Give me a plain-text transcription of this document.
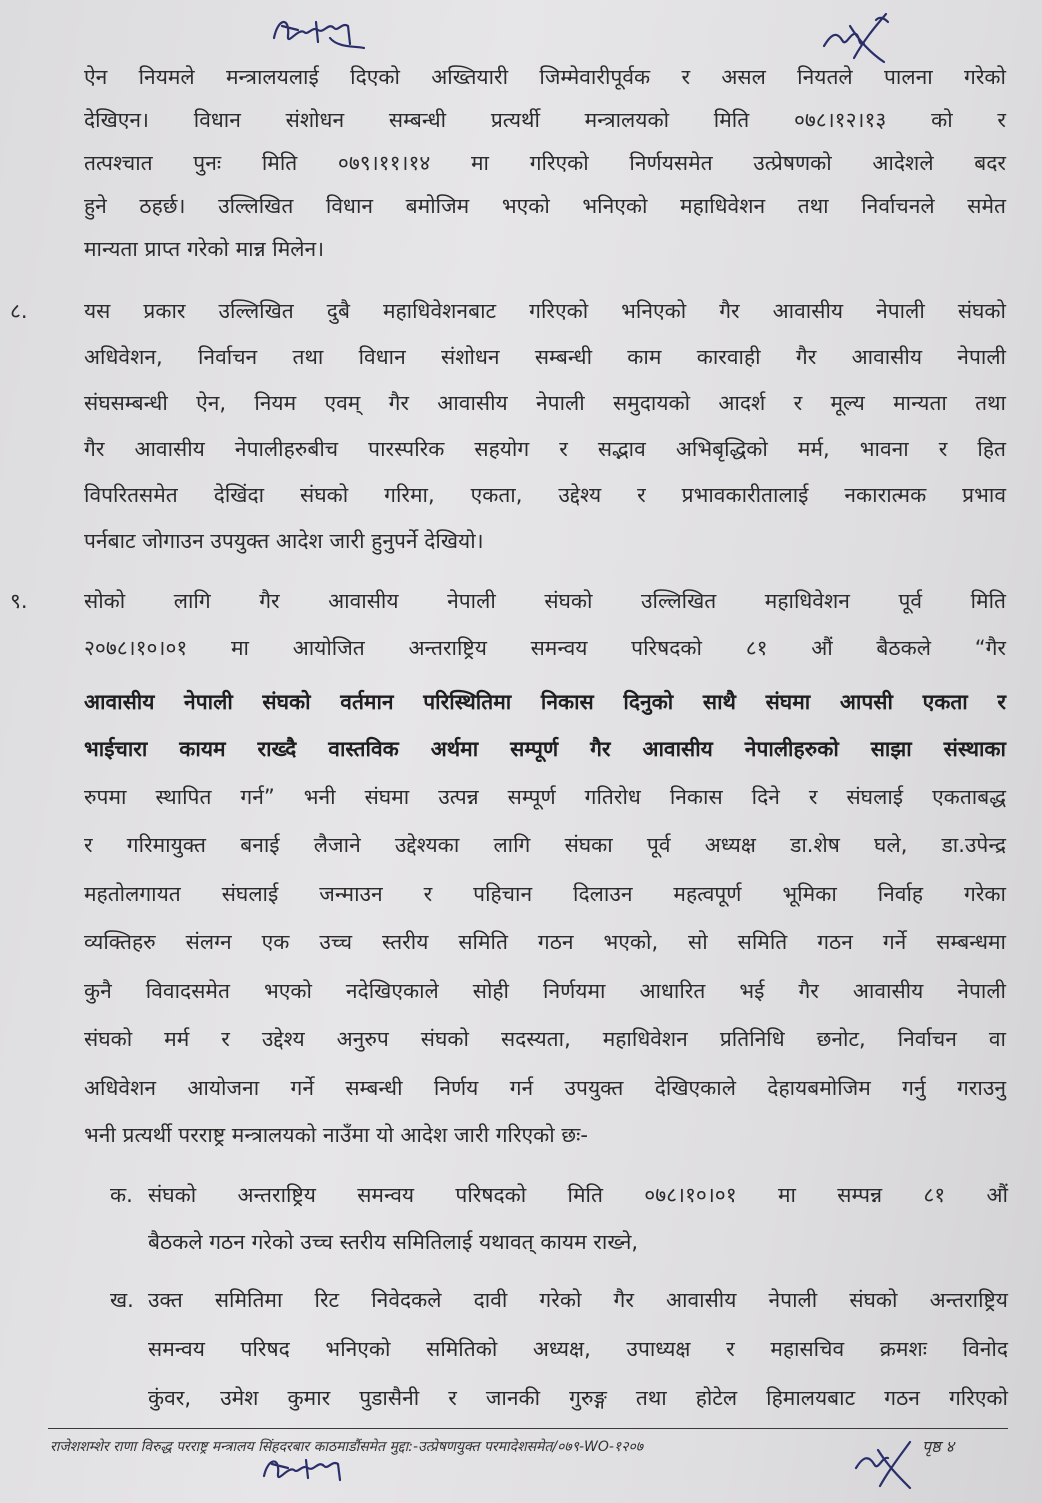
ऐन नियमले मन्त्रालयलाई दिएको अख्तियारी जिम्मेवारीपूर्वक र असल नियतले पालना गरेको
देखिएन। विधान संशोधन सम्बन्धी प्रत्यर्थी मन्त्रालयको मिति ०७८।१२।१३ को र
तत्पश्चात पुनः मिति ०७९।११।१४ मा गरिएको निर्णयसमेत उत्प्रेषणको आदेशले बदर
हुने ठहर्छ। उल्लिखित विधान बमोजिम भएको भनिएको महाधिवेशन तथा निर्वाचनले समेत
मान्यता प्राप्त गरेको मान्न मिलेन।
८.	यस प्रकार उल्लिखित दुबै महाधिवेशनबाट गरिएको भनिएको गैर आवासीय नेपाली संघको
अधिवेशन, निर्वाचन तथा विधान संशोधन सम्बन्धी काम कारवाही गैर आवासीय नेपाली
संघसम्बन्धी ऐन, नियम एवम् गैर आवासीय नेपाली समुदायको आदर्श र मूल्य मान्यता तथा
गैर आवासीय नेपालीहरुबीच पारस्परिक सहयोग र सद्भाव अभिबृद्धिको मर्म, भावना र हित
विपरितसमेत देखिंदा संघको गरिमा, एकता, उद्देश्य र प्रभावकारीतालाई नकारात्मक प्रभाव
पर्नबाट जोगाउन उपयुक्त आदेश जारी हुनुपर्ने देखियो।
९.	सोको लागि गैर आवासीय नेपाली संघको उल्लिखित महाधिवेशन पूर्व मिति
२०७८।१०।०१ मा आयोजित अन्तराष्ट्रिय समन्वय परिषदको ८१ औं बैठकले “गैर
आवासीय नेपाली संघको वर्तमान परिस्थितिमा निकास दिनुको साथै संघमा आपसी एकता र
भाईचारा कायम राख्दै वास्तविक अर्थमा सम्पूर्ण गैर आवासीय नेपालीहरुको साझा संस्थाका
रुपमा स्थापित गर्न” भनी संघमा उत्पन्न सम्पूर्ण गतिरोध निकास दिने र संघलाई एकताबद्ध
र गरिमायुक्त बनाई लैजाने उद्देश्यका लागि संघका पूर्व अध्यक्ष डा.शेष घले, डा.उपेन्द्र
महतोलगायत संघलाई जन्माउन र पहिचान दिलाउन महत्वपूर्ण भूमिका निर्वाह गरेका
व्यक्तिहरु संलग्न एक उच्च स्तरीय समिति गठन भएको, सो समिति गठन गर्ने सम्बन्धमा
कुनै विवादसमेत भएको नदेखिएकाले सोही निर्णयमा आधारित भई गैर आवासीय नेपाली
संघको मर्म र उद्देश्य अनुरुप संघको सदस्यता, महाधिवेशन प्रतिनिधि छनोट, निर्वाचन वा
अधिवेशन आयोजना गर्ने सम्बन्धी निर्णय गर्न उपयुक्त देखिएकाले देहायबमोजिम गर्नु गराउनु
भनी प्रत्यर्थी परराष्ट्र मन्त्रालयको नाउँमा यो आदेश जारी गरिएको छः-
क. संघको अन्तराष्ट्रिय समन्वय परिषदको मिति ०७८।१०।०१ मा सम्पन्न ८१ औं
बैठकले गठन गरेको उच्च स्तरीय समितिलाई यथावत् कायम राख्ने,
ख. उक्त समितिमा रिट निवेदकले दावी गरेको गैर आवासीय नेपाली संघको अन्तराष्ट्रिय
समन्वय परिषद भनिएको समितिको अध्यक्ष, उपाध्यक्ष र महासचिव क्रमशः विनोद
कुंवर, उमेश कुमार पुडासैनी र जानकी गुरुङ्ग तथा होटेल हिमालयबाट गठन गरिएको
राजेशशम्शेर राणा विरुद्ध परराष्ट्र मन्त्रालय सिंहदरबार काठमाडौंसमेत मुद्दा:-उत्प्रेषणयुक्त परमादेशसमेत/०७९-WO-१२०७	पृष्ठ ४
